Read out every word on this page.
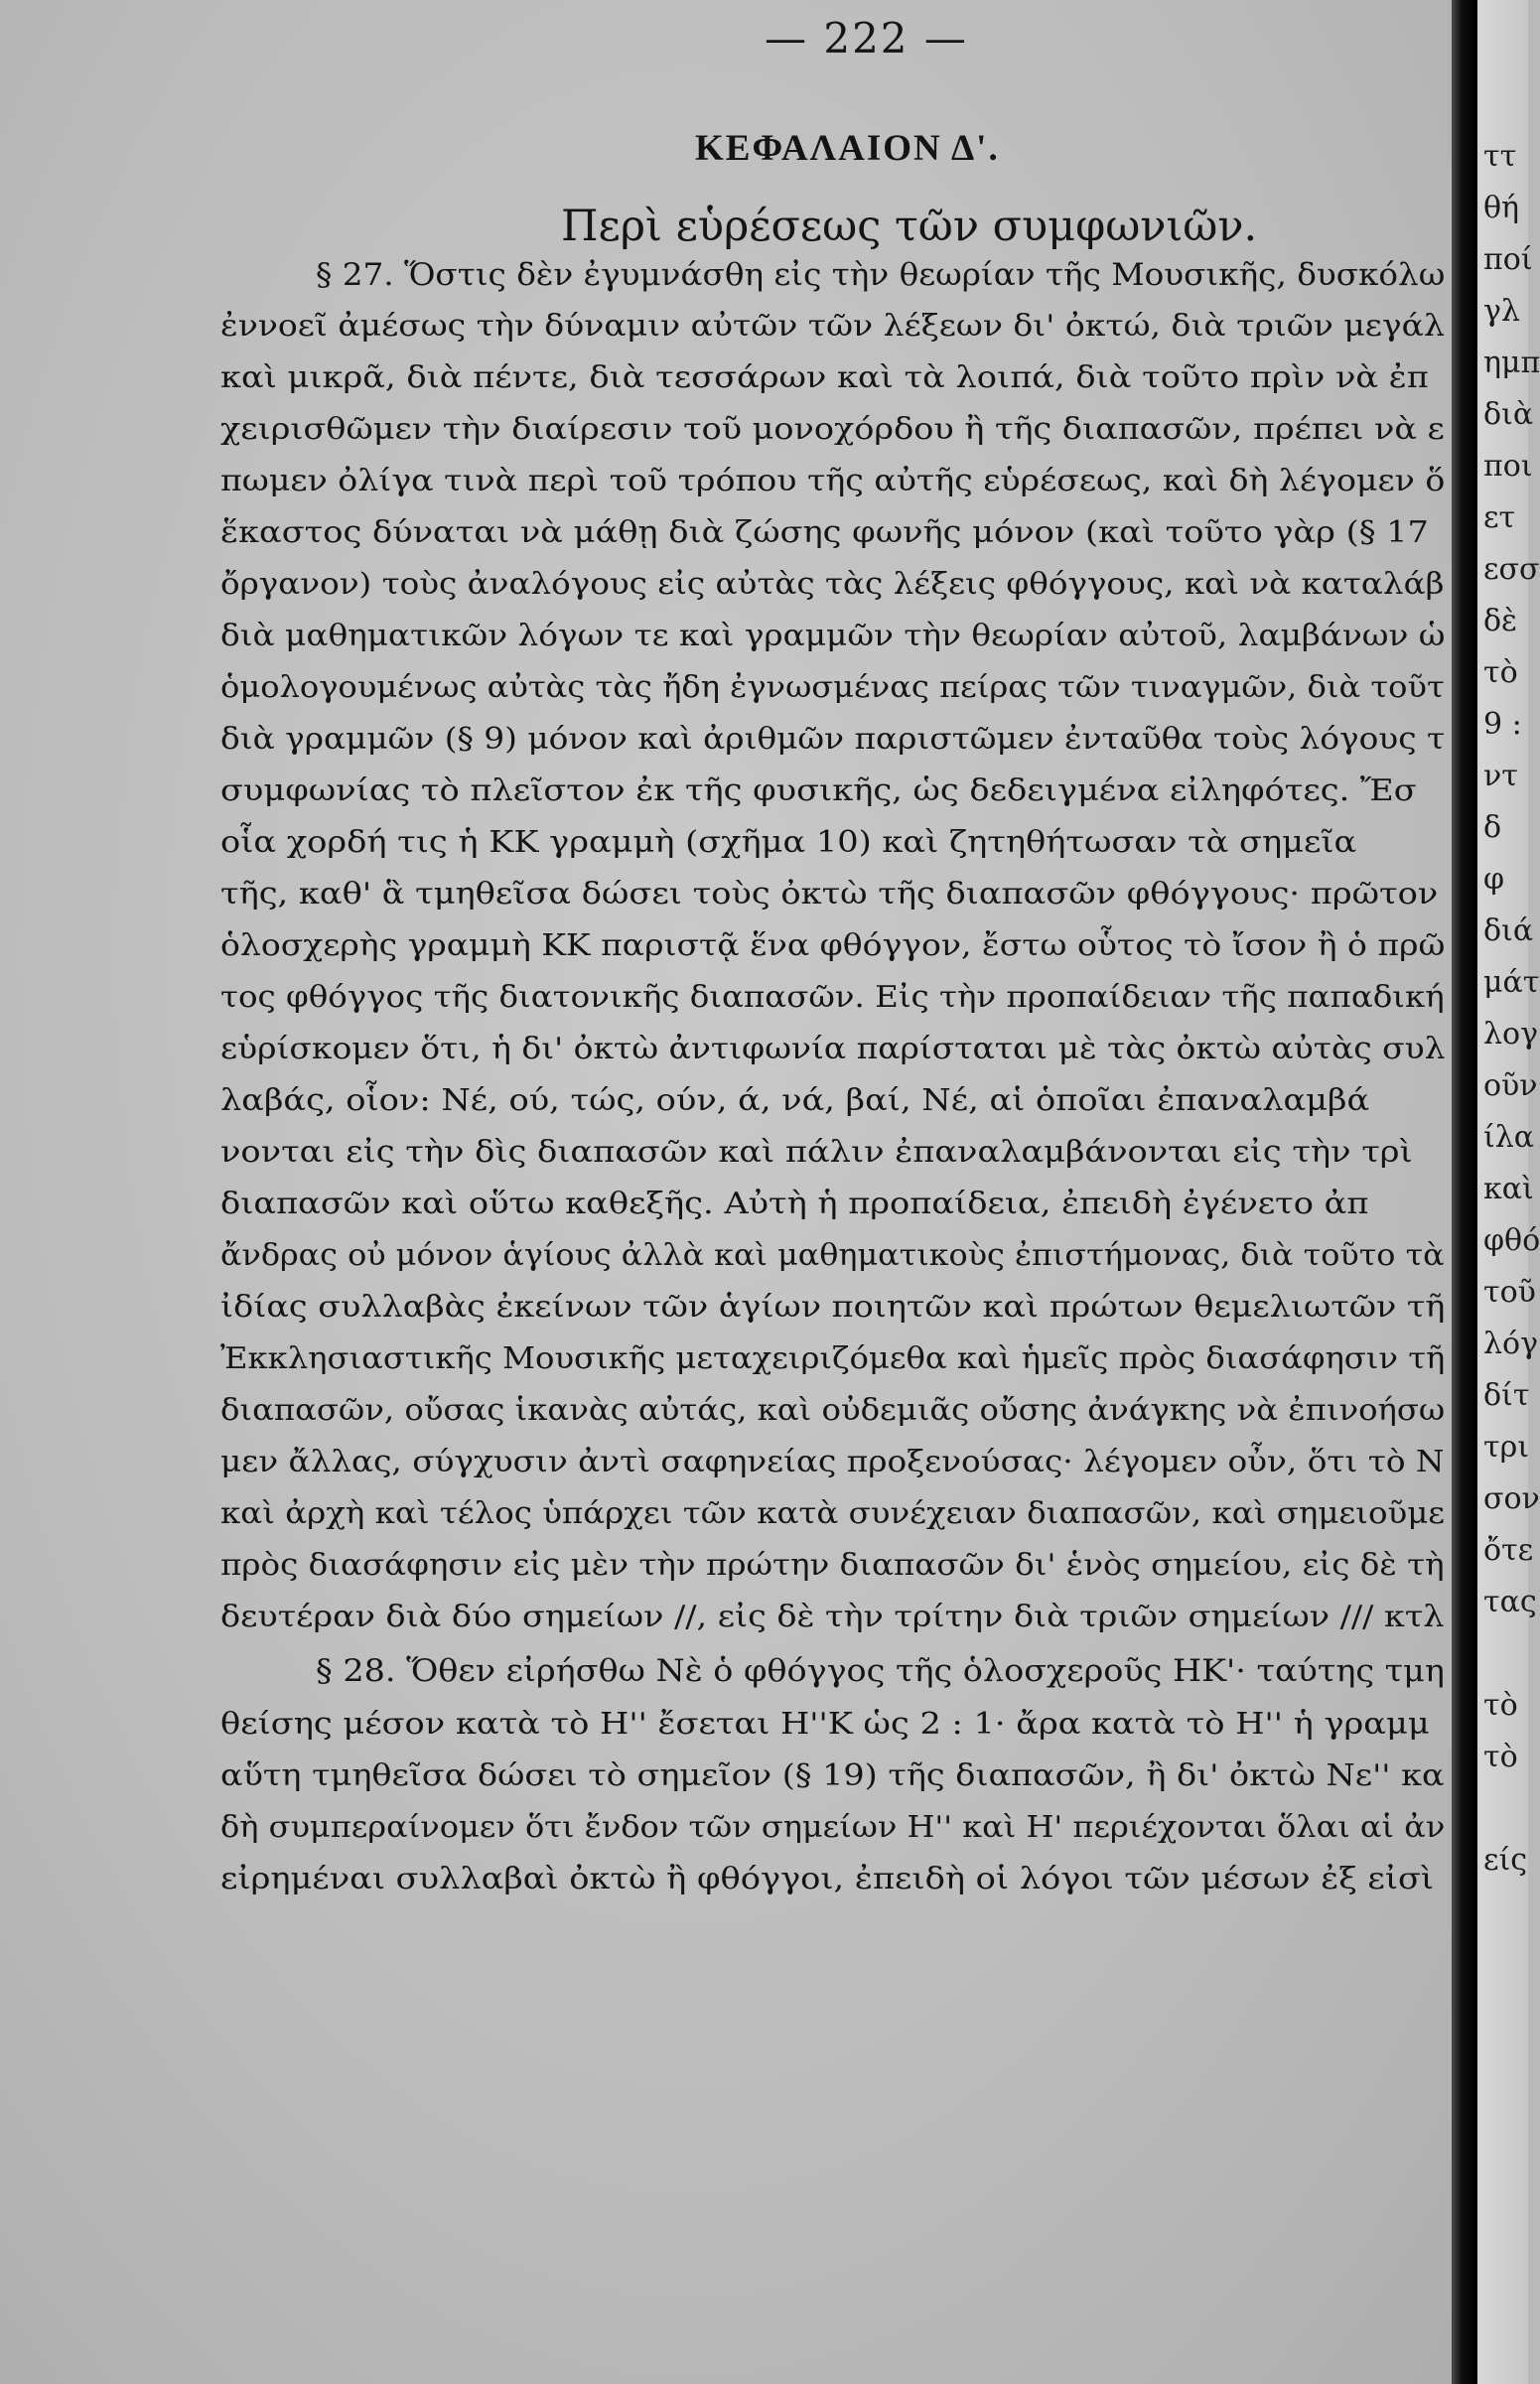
— 222 —
ΚΕΦΑΛΑΙΟΝ Δ'.
Περὶ εὑρέσεως τῶν συμφωνιῶν.
§ 27. Ὅστις δὲν ἐγυμνάσθη εἰς τὴν θεωρίαν τῆς Μουσικῆς, δυσκόλω
ἐννοεῖ ἀμέσως τὴν δύναμιν αὐτῶν τῶν λέξεων δι' ὀκτώ, διὰ τριῶν μεγάλ
καὶ μικρᾶ, διὰ πέντε, διὰ τεσσάρων καὶ τὰ λοιπά, διὰ τοῦτο πρὶν νὰ ἐπ
χειρισθῶμεν τὴν διαίρεσιν τοῦ μονοχόρδου ἢ τῆς διαπασῶν, πρέπει νὰ ε
πωμεν ὀλίγα τινὰ περὶ τοῦ τρόπου τῆς αὐτῆς εὑρέσεως, καὶ δὴ λέγομεν ὅ
ἕκαστος δύναται νὰ μάθῃ διὰ ζώσης φωνῆς μόνον (καὶ τοῦτο γὰρ (§ 17
ὄργανον) τοὺς ἀναλόγους εἰς αὐτὰς τὰς λέξεις φθόγγους, καὶ νὰ καταλάβ
διὰ μαθηματικῶν λόγων τε καὶ γραμμῶν τὴν θεωρίαν αὐτοῦ, λαμβάνων ὡ
ὁμολογουμένως αὐτὰς τὰς ἤδη ἐγνωσμένας πείρας τῶν τιναγμῶν, διὰ τοῦτ
διὰ γραμμῶν (§ 9) μόνον καὶ ἀριθμῶν παριστῶμεν ἐνταῦθα τοὺς λόγους τ
συμφωνίας τὸ πλεῖστον ἐκ τῆς φυσικῆς, ὡς δεδειγμένα εἰληφότες. Ἔσ
οἷα χορδή τις ἡ ΚΚ γραμμὴ (σχῆμα 10) καὶ ζητηθήτωσαν τὰ σημεῖα
τῆς, καθ' ἃ τμηθεῖσα δώσει τοὺς ὀκτὼ τῆς διαπασῶν φθόγγους· πρῶτον
ὁλοσχερὴς γραμμὴ ΚΚ παριστᾷ ἕνα φθόγγον, ἔστω οὗτος τὸ ἴσον ἢ ὁ πρῶ
τος φθόγγος τῆς διατονικῆς διαπασῶν. Εἰς τὴν προπαίδειαν τῆς παπαδική
εὑρίσκομεν ὅτι, ἡ δι' ὀκτὼ ἀντιφωνία παρίσταται μὲ τὰς ὀκτὼ αὐτὰς συλ
λαβάς, οἷον: Νέ, ού, τώς, ούν, ά, νά, βαί, Νέ, αἱ ὁποῖαι ἐπαναλαμβά
νονται εἰς τὴν δὶς διαπασῶν καὶ πάλιν ἐπαναλαμβάνονται εἰς τὴν τρὶ
διαπασῶν καὶ οὕτω καθεξῆς. Αὐτὴ ἡ προπαίδεια, ἐπειδὴ ἐγένετο ἀπ
ἄνδρας οὐ μόνον ἁγίους ἀλλὰ καὶ μαθηματικοὺς ἐπιστήμονας, διὰ τοῦτο τὰ
ἰδίας συλλαβὰς ἐκείνων τῶν ἁγίων ποιητῶν καὶ πρώτων θεμελιωτῶν τῆ
Ἐκκλησιαστικῆς Μουσικῆς μεταχειριζόμεθα καὶ ἡμεῖς πρὸς διασάφησιν τῆ
διαπασῶν, οὔσας ἱκανὰς αὐτάς, καὶ οὐδεμιᾶς οὔσης ἀνάγκης νὰ ἐπινοήσω
μεν ἄλλας, σύγχυσιν ἀντὶ σαφηνείας προξενούσας· λέγομεν οὖν, ὅτι τὸ Ν
καὶ ἀρχὴ καὶ τέλος ὑπάρχει τῶν κατὰ συνέχειαν διαπασῶν, καὶ σημειοῦμε
πρὸς διασάφησιν εἰς μὲν τὴν πρώτην διαπασῶν δι' ἑνὸς σημείου, εἰς δὲ τὴ
δευτέραν διὰ δύο σημείων //, εἰς δὲ τὴν τρίτην διὰ τριῶν σημείων /// κτλ
§ 28. Ὅθεν εἰρήσθω Νὲ ὁ φθόγγος τῆς ὁλοσχεροῦς ΗΚ'· ταύτης τμη
θείσης μέσον κατὰ τὸ Η'' ἔσεται Η''Κ ὡς 2 : 1· ἄρα κατὰ τὸ Η'' ἡ γραμμ
αὕτη τμηθεῖσα δώσει τὸ σημεῖον (§ 19) τῆς διαπασῶν, ἢ δι' ὀκτὼ Νε'' κα
δὴ συμπεραίνομεν ὅτι ἔνδον τῶν σημείων Η'' καὶ Η' περιέχονται ὅλαι αἱ ἀν
εἰρημέναι συλλαβαὶ ὀκτὼ ἢ φθόγγοι, ἐπειδὴ οἱ λόγοι τῶν μέσων ἐξ εἰσὶ
ττ
θή
ποί
γλ
ημπ
διὰ
ποι
ετ
εσσ
δὲ
τὸ
9 :
ντ
δ
φ
διά
μάτ
λογ
οῦν
ίλα
καὶ
φθό
τοῦ
λόγ
δίτ
τρι
σον
ὄτε
τας
τὸ
τὸ
είς
